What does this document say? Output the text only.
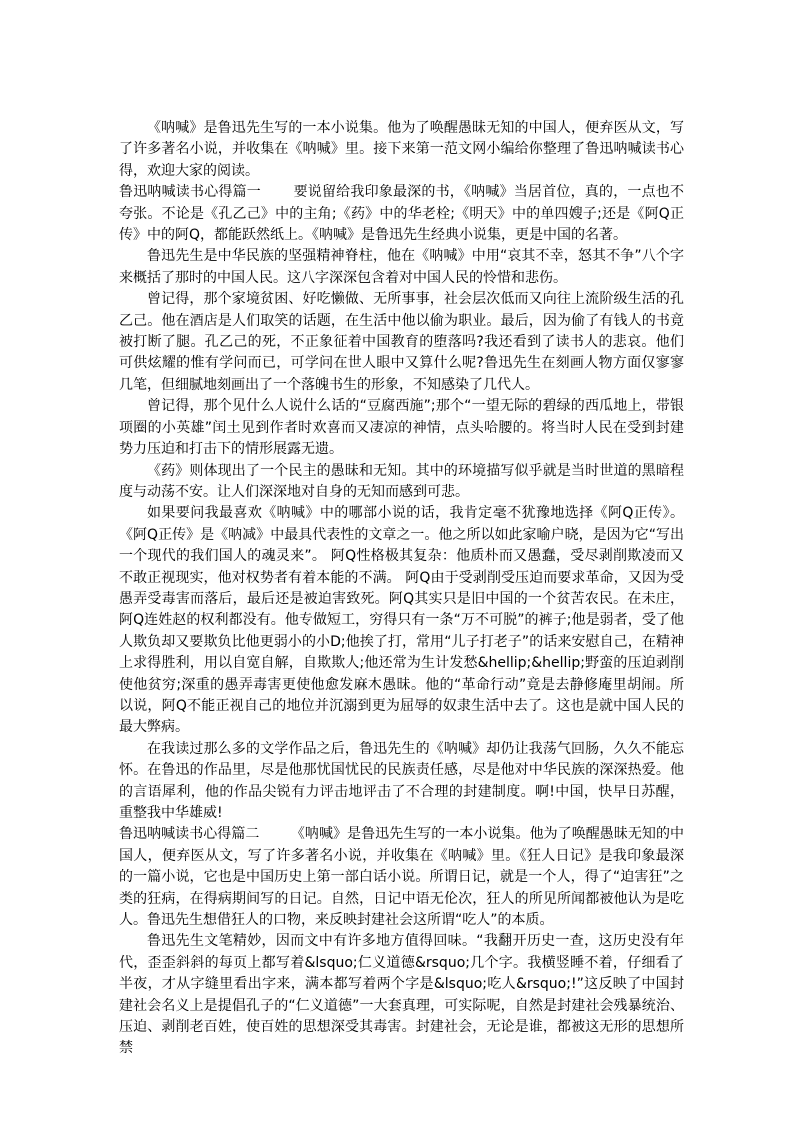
《呐喊》是鲁迅先生写的一本小说集。他为了唤醒愚昧无知的中国人，便弃医从文，写了许多著名小说，并收集在《呐喊》里。接下来第一范文网小编给你整理了鲁迅呐喊读书心得，欢迎大家的阅读。

鲁迅呐喊读书心得篇一 要说留给我印象最深的书，《呐喊》当居首位，真的，一点也不夸张。不论是《孔乙己》中的主角;《药》中的华老栓;《明天》中的单四嫂子;还是《阿Q正传》中的阿Q，都能跃然纸上。《呐喊》是鲁迅先生经典小说集，更是中国的名著。

鲁迅先生是中华民族的坚强精神脊柱，他在《呐喊》中用“哀其不幸，怒其不争”八个字来概括了那时的中国人民。这八字深深包含着对中国人民的怜惜和悲伤。

曾记得，那个家境贫困、好吃懒做、无所事事，社会层次低而又向往上流阶级生活的孔乙己。他在酒店是人们取笑的话题，在生活中他以偷为职业。最后，因为偷了有钱人的书竟被打断了腿。孔乙己的死，不正象征着中国教育的堕落吗?我还看到了读书人的悲哀。他们可供炫耀的惟有学问而已，可学问在世人眼中又算什么呢?鲁迅先生在刻画人物方面仅寥寥几笔，但细腻地刻画出了一个落魄书生的形象，不知感染了几代人。

曾记得，那个见什么人说什么话的“豆腐西施”;那个“一望无际的碧绿的西瓜地上，带银项圈的小英雄”闰土见到作者时欢喜而又凄凉的神情，点头哈腰的。将当时人民在受到封建势力压迫和打击下的情形展露无遗。

《药》则体现出了一个民主的愚昧和无知。其中的环境描写似乎就是当时世道的黑暗程度与动荡不安。让人们深深地对自身的无知而感到可悲。

如果要问我最喜欢《呐喊》中的哪部小说的话，我肯定毫不犹豫地选择《阿Q正传》。《阿Q正传》是《呐减》中最具代表性的文章之一。他之所以如此家喻户晓，是因为它“写出一个现代的我们国人的魂灵来”。 阿Q性格极其复杂：他质朴而又愚蠢，受尽剥削欺凌而又不敢正视现实，他对权势者有着本能的不满。 阿Q由于受剥削受压迫而要求革命，又因为受愚弄受毒害而落后，最后还是被迫害致死。阿Q其实只是旧中国的一个贫苦农民。在未庄，阿Q连姓赵的权利都没有。他专做短工，穷得只有一条“万不可脱”的裤子;他是弱者，受了他人欺负却又要欺负比他更弱小的小D;他挨了打，常用“儿子打老子”的话来安慰自己，在精神上求得胜利，用以自宽自解，自欺欺人;他还常为生计发愁&hellip;&hellip;野蛮的压迫剥削使他贫穷;深重的愚弄毒害更使他愈发麻木愚昧。他的“革命行动”竟是去静修庵里胡闹。所以说，阿Q不能正视自己的地位并沉溺到更为屈辱的奴隶生活中去了。这也是就中国人民的最大弊病。

在我读过那么多的文学作品之后，鲁迅先生的《呐喊》却仍让我荡气回肠，久久不能忘怀。在鲁迅的作品里，尽是他那忧国忧民的民族责任感，尽是他对中华民族的深深热爱。他的言语犀利，他的作品尖锐有力评击地评击了不合理的封建制度。啊!中国，快早日苏醒，重整我中华雄威!

鲁迅呐喊读书心得篇二 《呐喊》是鲁迅先生写的一本小说集。他为了唤醒愚昧无知的中国人，便弃医从文，写了许多著名小说，并收集在《呐喊》里。《狂人日记》是我印象最深的一篇小说，它也是中国历史上第一部白话小说。所谓日记，就是一个人，得了“迫害狂”之类的狂病，在得病期间写的日记。自然，日记中语无伦次，狂人的所见所闻都被他认为是吃人。鲁迅先生想借狂人的口物，来反映封建社会这所谓“吃人”的本质。

鲁迅先生文笔精妙，因而文中有许多地方值得回味。“我翻开历史一查，这历史没有年代，歪歪斜斜的每页上都写着&lsquo;仁义道德&rsquo;几个字。我横竖睡不着，仔细看了半夜，才从字缝里看出字来，满本都写着两个字是&lsquo;吃人&rsquo;!”这反映了中国封建社会名义上是提倡孔子的“仁义道德”一大套真理，可实际呢，自然是封建社会残暴统治、压迫、剥削老百姓，使百姓的思想深受其毒害。封建社会，无论是谁，都被这无形的思想所禁
